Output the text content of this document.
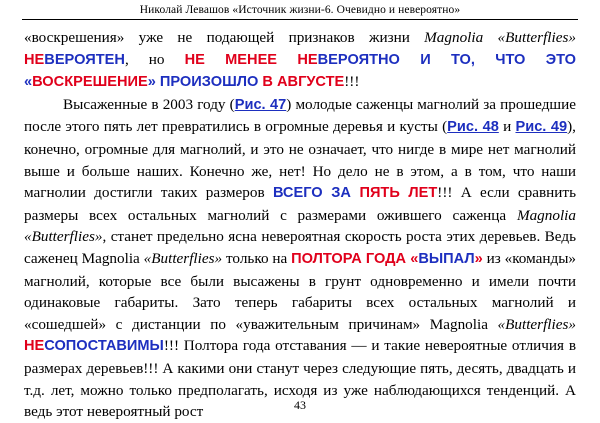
Николай Левашов «Источник жизни-6. Очевидно и невероятно»

«воскрешения» уже не подающей признаков жизни Magnolia «Butterflies» НЕВЕРОЯТЕН, но НЕ МЕНЕЕ НЕВЕРОЯТНО И ТО, ЧТО ЭТО «ВОСКРЕШЕНИЕ» ПРОИЗОШЛО В АВГУСТЕ!!!

Высаженные в 2003 году (Рис. 47) молодые саженцы магнолий за прошедшие после этого пять лет превратились в огромные деревья и кусты (Рис. 48 и Рис. 49), конечно, огромные для магнолий, и это не означает, что нигде в мире нет магнолий выше и больше наших. Конечно же, нет! Но дело не в этом, а в том, что наши магнолии достигли таких размеров ВСЕГО ЗА ПЯТЬ ЛЕТ!!! А если сравнить размеры всех остальных магнолий с размерами ожившего саженца Magnolia «Butterflies», станет предельно ясна невероятная скорость роста этих деревьев. Ведь саженец Magnolia «Butterflies» только на ПОЛТОРА ГОДА «ВЫПАЛ» из «команды» магнолий, которые все были высажены в грунт одновременно и имели почти одинаковые габариты. Зато теперь габариты всех остальных магнолий и «сошедшей» с дистанции по «уважительным причинам» Magnolia «Butterflies» НЕСОПОСТАВИМЫ!!! Полтора года отставания — и такие невероятные отличия в размерах деревьев!!! А какими они станут через следующие пять, десять, двадцать и т.д. лет, можно только предполагать, исходя из уже наблюдающихся тенденций. А ведь этот невероятный рост	43
